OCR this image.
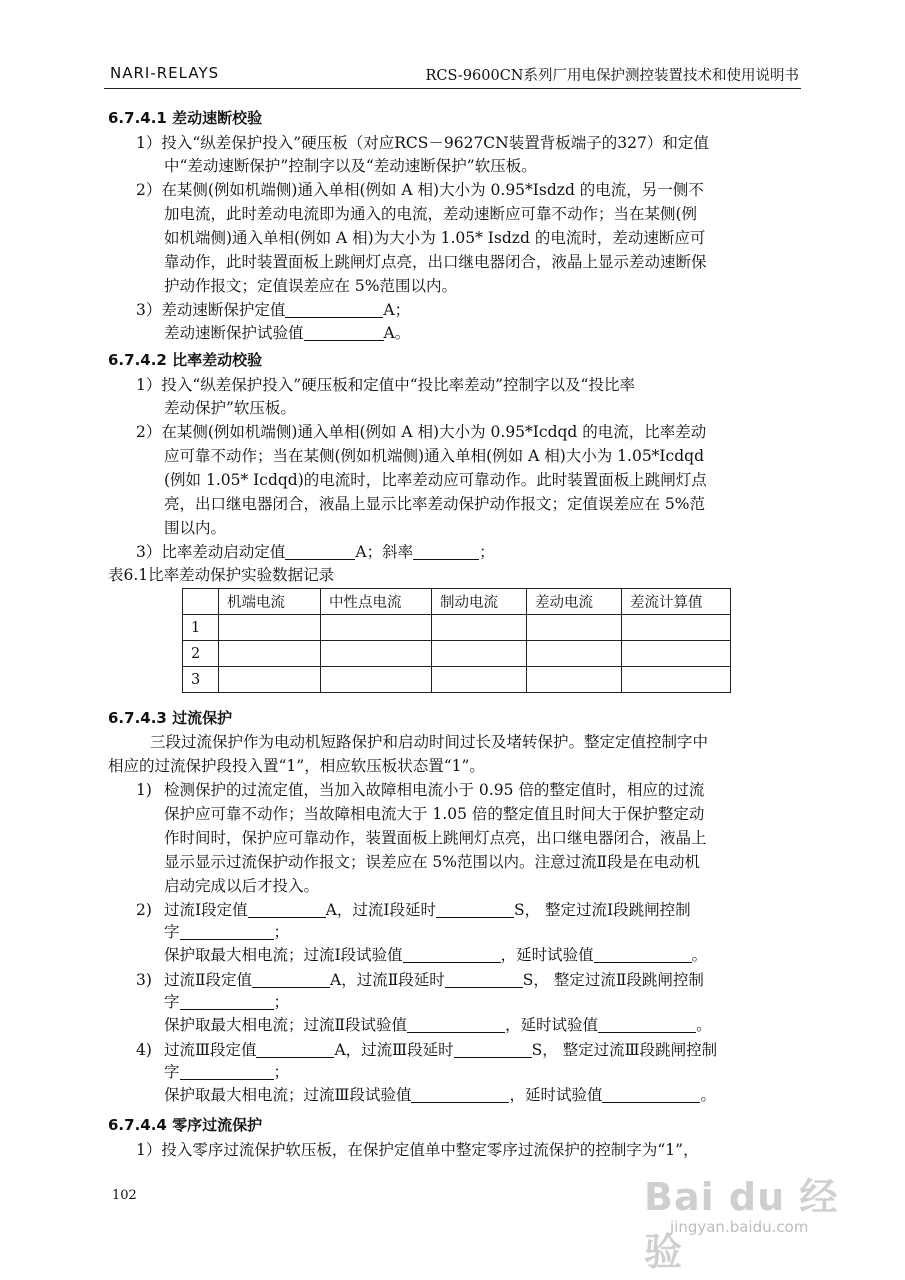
NARI-RELAYS	RCS-9600CN系列厂用电保护测控装置技术和使用说明书
6.7.4.1 差动速断校验
1）投入“纵差保护投入”硬压板（对应RCS－9627CN装置背板端子的327）和定值
中“差动速断保护”控制字以及“差动速断保护”软压板。
2）在某侧(例如机端侧)通入单相(例如 A 相)大小为 0.95*Isdzd 的电流，另一侧不
加电流，此时差动电流即为通入的电流，差动速断应可靠不动作；当在某侧(例
如机端侧)通入单相(例如 A 相)为大小为 1.05* Isdzd 的电流时，差动速断应可
靠动作，此时装置面板上跳闸灯点亮，出口继电器闭合，液晶上显示差动速断保
护动作报文；定值误差应在 5%范围以内。
3）差动速断保护定值	A；
差动速断保护试验值	A。
6.7.4.2 比率差动校验
1）投入“纵差保护投入”硬压板和定值中“投比率差动”控制字以及“投比率
差动保护”软压板。
2）在某侧(例如机端侧)通入单相(例如 A 相)大小为 0.95*Icdqd 的电流，比率差动
应可靠不动作；当在某侧(例如机端侧)通入单相(例如 A 相)大小为 1.05*Icdqd
(例如 1.05* Icdqd)的电流时，比率差动应可靠动作。此时装置面板上跳闸灯点
亮，出口继电器闭合，液晶上显示比率差动保护动作报文；定值误差应在 5%范
围以内。
3）比率差动启动定值	A；斜率	；
表6.1比率差动保护实验数据记录
	机端电流	中性点电流	制动电流	差动电流	差流计算值
1					
2					
3					
6.7.4.3 过流保护
三段过流保护作为电动机短路保护和启动时间过长及堵转保护。整定定值控制字中
相应的过流保护段投入置“1”，相应软压板状态置“1”。
1) 检测保护的过流定值，当加入故障相电流小于 0.95 倍的整定值时，相应的过流
保护应可靠不动作；当故障相电流大于 1.05 倍的整定值且时间大于保护整定动
作时间时，保护应可靠动作，装置面板上跳闸灯点亮，出口继电器闭合，液晶上
显示显示过流保护动作报文；误差应在 5%范围以内。注意过流Ⅱ段是在电动机
启动完成以后才投入。
2) 过流Ⅰ段定值	A，过流Ⅰ段延时	S， 整定过流Ⅰ段跳闸控制
字	；
保护取最大相电流；过流Ⅰ段试验值	，延时试验值	。
3) 过流Ⅱ段定值	A，过流Ⅱ段延时	S， 整定过流Ⅱ段跳闸控制
字	；
保护取最大相电流；过流Ⅱ段试验值	，延时试验值	。
4) 过流Ⅲ段定值	A，过流Ⅲ段延时	S， 整定过流Ⅲ段跳闸控制
字	；
保护取最大相电流；过流Ⅲ段试验值	，延时试验值	。
6.7.4.4 零序过流保护
1）投入零序过流保护软压板，在保护定值单中整定零序过流保护的控制字为“1”，
102	Bai du 经验
jingyan.baidu.com
